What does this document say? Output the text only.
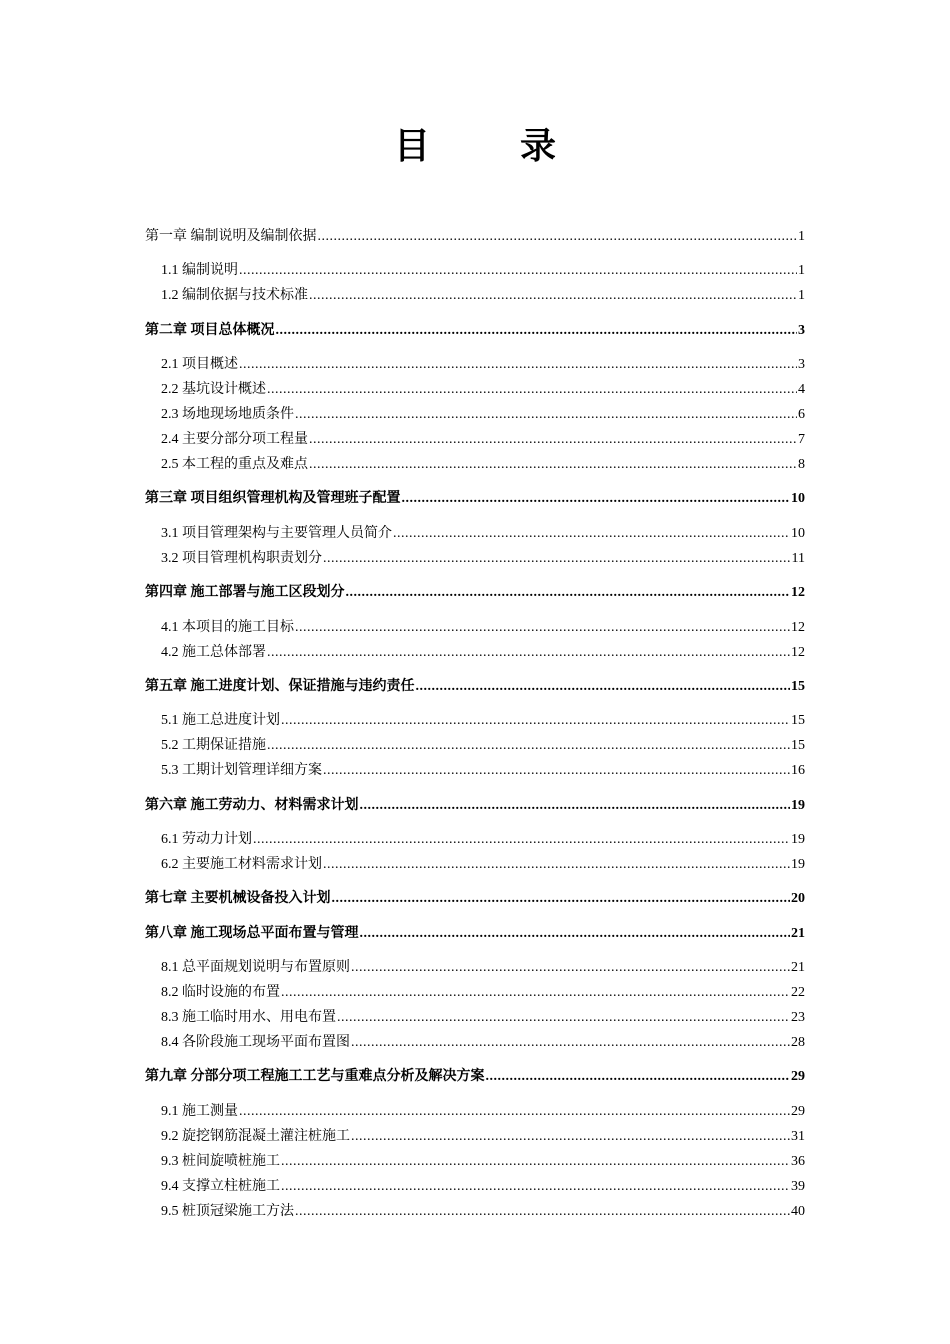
目	录
第一章 编制说明及编制依据 .....	1
1.1 编制说明 .....	1
1.2 编制依据与技术标准 .....	1
第二章 项目总体概况 .....	3
2.1 项目概述 .....	3
2.2 基坑设计概述 .....	4
2.3 场地现场地质条件 .....	6
2.4 主要分部分项工程量 .....	7
2.5 本工程的重点及难点 .....	8
第三章 项目组织管理机构及管理班子配置 .....	10
3.1 项目管理架构与主要管理人员简介 .....	10
3.2 项目管理机构职责划分 .....	11
第四章 施工部署与施工区段划分 .....	12
4.1 本项目的施工目标 .....	12
4.2 施工总体部署 .....	12
第五章 施工进度计划、保证措施与违约责任 .....	15
5.1 施工总进度计划 .....	15
5.2 工期保证措施 .....	15
5.3 工期计划管理详细方案 .....	16
第六章 施工劳动力、材料需求计划 .....	19
6.1 劳动力计划 .....	19
6.2 主要施工材料需求计划 .....	19
第七章 主要机械设备投入计划 .....	20
第八章 施工现场总平面布置与管理 .....	21
8.1 总平面规划说明与布置原则 .....	21
8.2 临时设施的布置 .....	22
8.3 施工临时用水、用电布置 .....	23
8.4 各阶段施工现场平面布置图 .....	28
第九章 分部分项工程施工工艺与重难点分析及解决方案 .....	29
9.1 施工测量 .....	29
9.2 旋挖钢筋混凝土灌注桩施工 .....	31
9.3 桩间旋喷桩施工 .....	36
9.4 支撑立柱桩施工 .....	39
9.5 桩顶冠梁施工方法 .....	40
